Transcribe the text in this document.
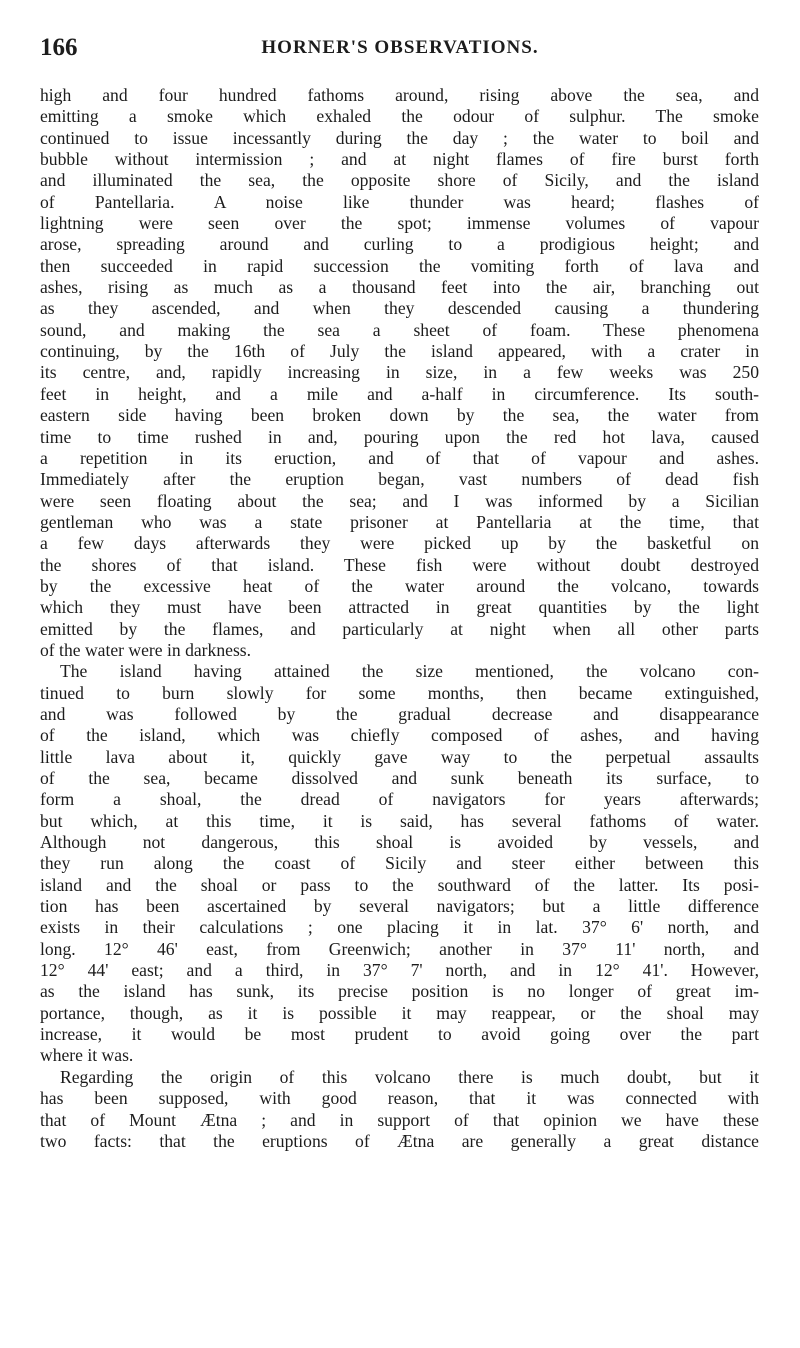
166	HORNER'S OBSERVATIONS.
high and four hundred fathoms around, rising above the sea, and
emitting a smoke which exhaled the odour of sulphur. The smoke
continued to issue incessantly during the day ; the water to boil and
bubble without intermission ; and at night flames of fire burst forth
and illuminated the sea, the opposite shore of Sicily, and the island
of Pantellaria. A noise like thunder was heard; flashes of
lightning were seen over the spot; immense volumes of vapour
arose, spreading around and curling to a prodigious height; and
then succeeded in rapid succession the vomiting forth of lava and
ashes, rising as much as a thousand feet into the air, branching out
as they ascended, and when they descended causing a thundering
sound, and making the sea a sheet of foam. These phenomena
continuing, by the 16th of July the island appeared, with a crater in
its centre, and, rapidly increasing in size, in a few weeks was 250
feet in height, and a mile and a-half in circumference. Its south-
eastern side having been broken down by the sea, the water from
time to time rushed in and, pouring upon the red hot lava, caused
a repetition in its eruction, and of that of vapour and ashes.
Immediately after the eruption began, vast numbers of dead fish
were seen floating about the sea; and I was informed by a Sicilian
gentleman who was a state prisoner at Pantellaria at the time, that
a few days afterwards they were picked up by the basketful on
the shores of that island. These fish were without doubt destroyed
by the excessive heat of the water around the volcano, towards
which they must have been attracted in great quantities by the light
emitted by the flames, and particularly at night when all other parts
of the water were in darkness.
The island having attained the size mentioned, the volcano con-
tinued to burn slowly for some months, then became extinguished,
and was followed by the gradual decrease and disappearance
of the island, which was chiefly composed of ashes, and having
little lava about it, quickly gave way to the perpetual assaults
of the sea, became dissolved and sunk beneath its surface, to
form a shoal, the dread of navigators for years afterwards;
but which, at this time, it is said, has several fathoms of water.
Although not dangerous, this shoal is avoided by vessels, and
they run along the coast of Sicily and steer either between this
island and the shoal or pass to the southward of the latter. Its posi-
tion has been ascertained by several navigators; but a little difference
exists in their calculations ; one placing it in lat. 37° 6' north, and
long. 12° 46' east, from Greenwich; another in 37° 11' north, and
12° 44' east; and a third, in 37° 7' north, and in 12° 41'. However,
as the island has sunk, its precise position is no longer of great im-
portance, though, as it is possible it may reappear, or the shoal may
increase, it would be most prudent to avoid going over the part
where it was.
Regarding the origin of this volcano there is much doubt, but it
has been supposed, with good reason, that it was connected with
that of Mount Ætna ; and in support of that opinion we have these
two facts: that the eruptions of Ætna are generally a great distance
